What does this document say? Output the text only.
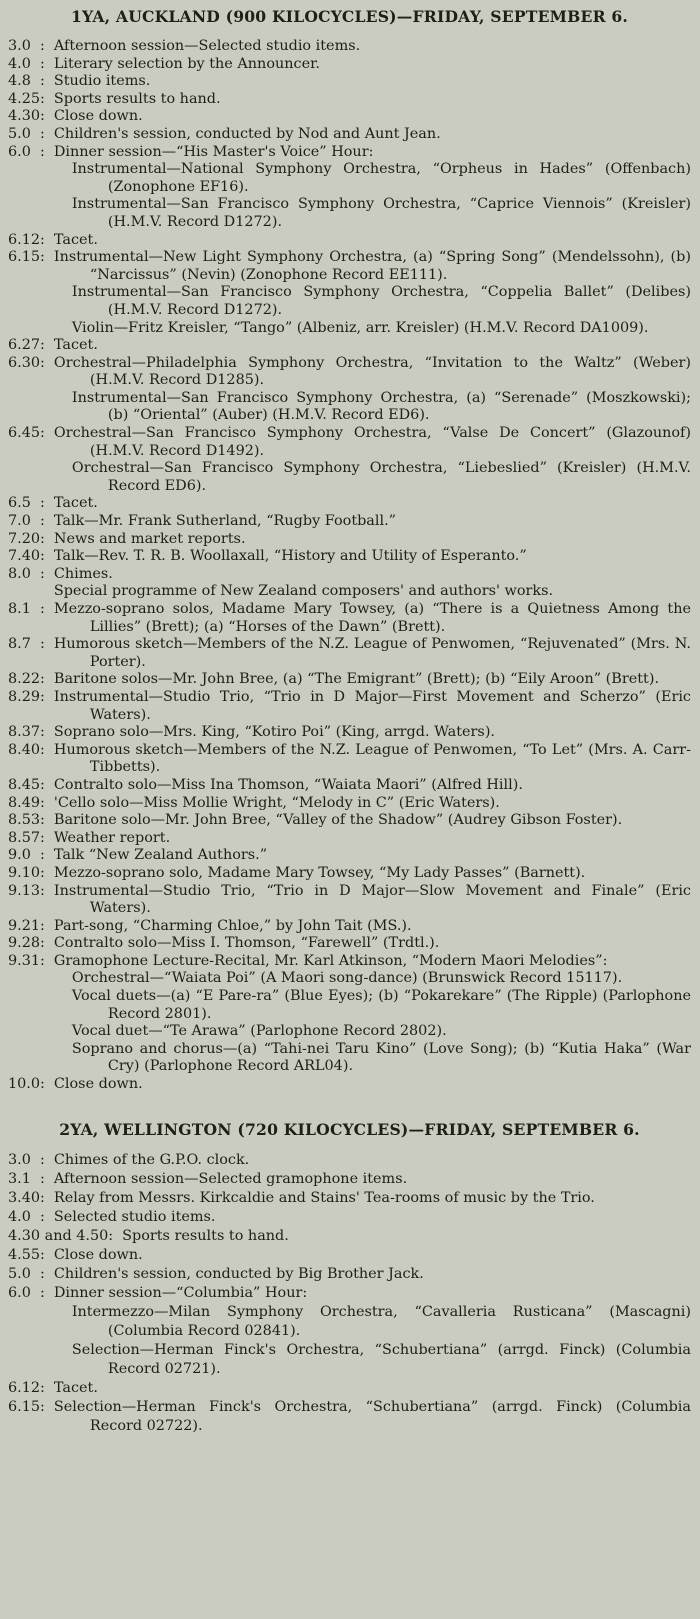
1YA, AUCKLAND (900 KILOCYCLES)—FRIDAY, SEPTEMBER 6.
3.0 :	Afternoon session—Selected studio items.
4.0 :	Literary selection by the Announcer.
4.8 :	Studio items.
4.25 : Sports results to hand.
4.30 : Close down.
5.0 :	Children's session, conducted by Nod and Aunt Jean.
6.0 :	Dinner session—“His Master's Voice” Hour:
Instrumental—National Symphony Orchestra, “Orpheus in Hades” (Offenbach) (Zonophone EF16).
Instrumental—San Francisco Symphony Orchestra, “Caprice Viennois” (Kreisler) (H.M.V. Record D1272).
6.12 : Tacet.
6.15 : Instrumental—New Light Symphony Orchestra, (a) “Spring Song” (Mendelssohn), (b) “Narcissus” (Nevin) (Zonophone Record EE111).
Instrumental—San Francisco Symphony Orchestra, “Coppelia Ballet” (Delibes) (H.M.V. Record D1272).
Violin—Fritz Kreisler, “Tango” (Albeniz, arr. Kreisler) (H.M.V. Record DA1009).
6.27 : Tacet.
6.30 : Orchestral—Philadelphia Symphony Orchestra, “Invitation to the Waltz” (Weber) (H.M.V. Record D1285).
Instrumental—San Francisco Symphony Orchestra, (a) “Serenade” (Moszkowski); (b) “Oriental” (Auber) (H.M.V. Record ED6).
6.45 : Orchestral—San Francisco Symphony Orchestra, “Valse De Concert” (Glazounof) (H.M.V. Record D1492).
Orchestral—San Francisco Symphony Orchestra, “Liebeslied” (Kreisler) (H.M.V. Record ED6).
6.5 :	Tacet.
7.0 :	Talk—Mr. Frank Sutherland, “Rugby Football.”
7.20 : News and market reports.
7.40 : Talk—Rev. T. R. B. Woollaxall, “History and Utility of Esperanto.”
8.0 :	Chimes.
Special programme of New Zealand composers' and authors' works.
8.1 :	Mezzo-soprano solos, Madame Mary Towsey, (a) “There is a Quietness Among the Lillies” (Brett); (a) “Horses of the Dawn” (Brett).
8.7 :	Humorous sketch—Members of the N.Z. League of Penwomen, “Rejuvenated” (Mrs. N. Porter).
8.22 : Baritone solos—Mr. John Bree, (a) “The Emigrant” (Brett); (b) “Eily Aroon” (Brett).
8.29 : Instrumental—Studio Trio, “Trio in D Major—First Movement and Scherzo” (Eric Waters).
8.37 : Soprano solo—Mrs. King, “Kotiro Poi” (King, arrgd. Waters).
8.40 : Humorous sketch—Members of the N.Z. League of Penwomen, “To Let” (Mrs. A. Carr-Tibbetts).
8.45 : Contralto solo—Miss Ina Thomson, “Waiata Maori” (Alfred Hill).
8.49 : 'Cello solo—Miss Mollie Wright, “Melody in C” (Eric Waters).
8.53 : Baritone solo—Mr. John Bree, “Valley of the Shadow” (Audrey Gibson Foster).
8.57 : Weather report.
9.0 :	Talk “New Zealand Authors.”
9.10 : Mezzo-soprano solo, Madame Mary Towsey, “My Lady Passes” (Barnett).
9.13 : Instrumental—Studio Trio, “Trio in D Major—Slow Movement and Finale” (Eric Waters).
9.21 : Part-song, “Charming Chloe,” by John Tait (MS.).
9.28 : Contralto solo—Miss I. Thomson, “Farewell” (Trdtl.).
9.31 : Gramophone Lecture-Recital, Mr. Karl Atkinson, “Modern Maori Melodies”:
Orchestral—“Waiata Poi” (A Maori song-dance) (Brunswick Record 15117).
Vocal duets—(a) “E Pare-ra” (Blue Eyes); (b) “Pokarekare” (The Ripple) (Parlophone Record 2801).
Vocal duet—“Te Arawa” (Parlophone Record 2802).
Soprano and chorus—(a) “Tahi-nei Taru Kino” (Love Song); (b) “Kutia Haka” (War Cry) (Parlophone Record ARL04).
10.0 : Close down.
2YA, WELLINGTON (720 KILOCYCLES)—FRIDAY, SEPTEMBER 6.
3.0 :	Chimes of the G.P.O. clock.
3.1 :	Afternoon session—Selected gramophone items.
3.40 : Relay from Messrs. Kirkcaldie and Stains' Tea-rooms of music by the Trio.
4.0 :	Selected studio items.
4.30 and 4.50 : Sports results to hand.
4.55 : Close down.
5.0 :	Children's session, conducted by Big Brother Jack.
6.0 :	Dinner session—“Columbia” Hour:
Intermezzo—Milan Symphony Orchestra, “Cavalleria Rusticana” (Mascagni) (Columbia Record 02841).
Selection—Herman Finck's Orchestra, “Schubertiana” (arrgd. Finck) (Columbia Record 02721).
6.12 : Tacet.
6.15 : Selection—Herman Finck's Orchestra, “Schubertiana” (arrgd. Finck) (Columbia Record 02722).
